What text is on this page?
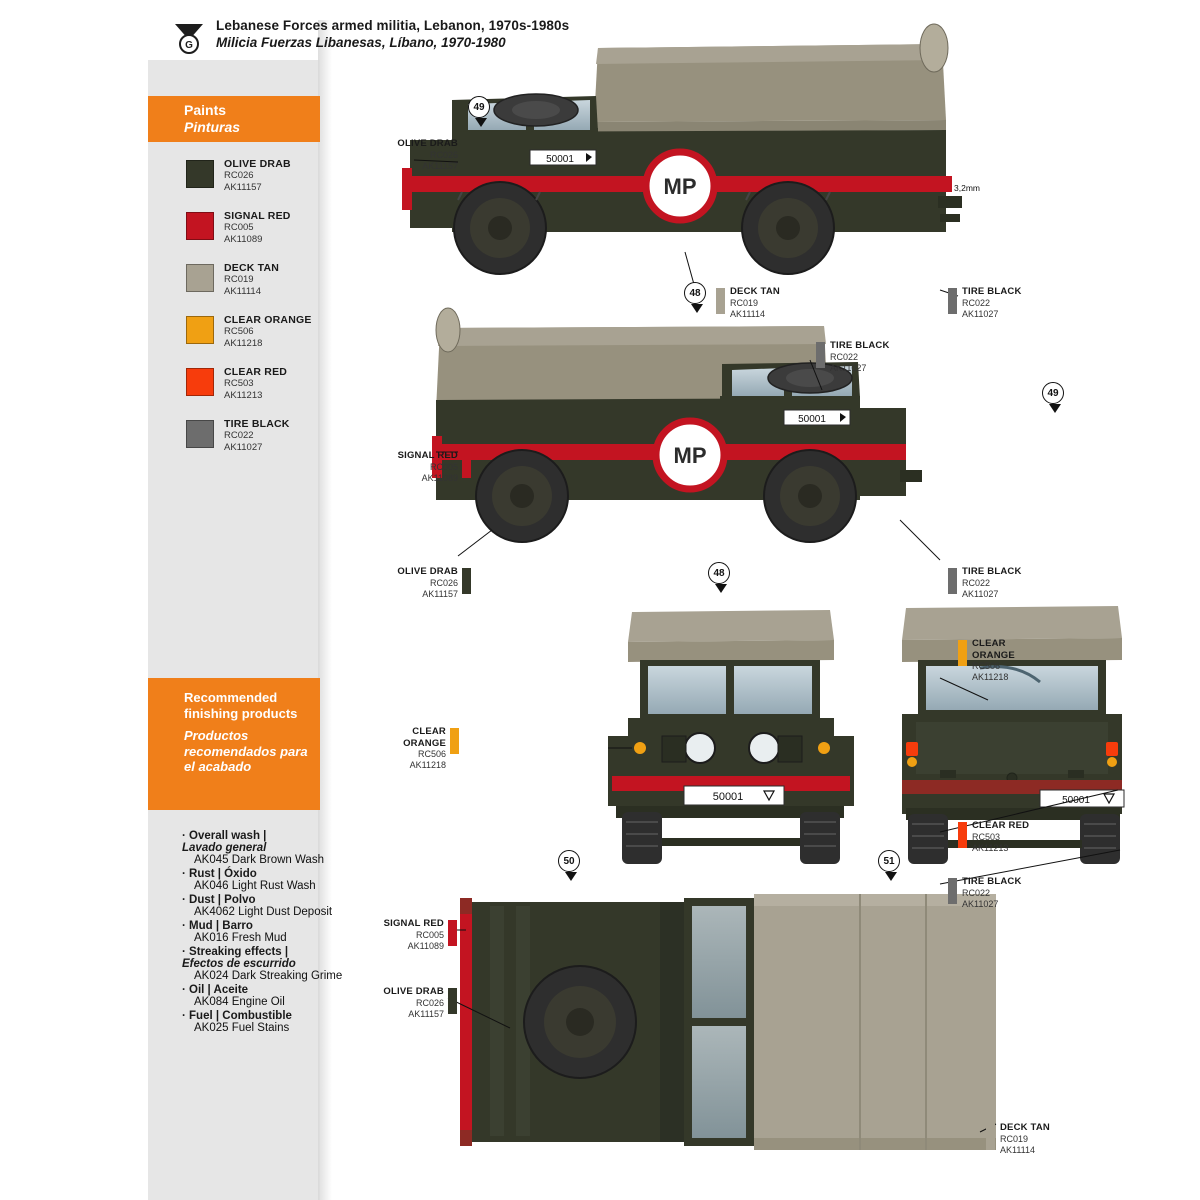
G
Lebanese Forces armed militia, Lebanon, 1970s-1980s
Milicia Fuerzas Libanesas, Líbano, 1970-1980
Paints
Pinturas
OLIVE DRAB
RC026
AK11157
SIGNAL RED
RC005
AK11089
DECK TAN
RC019
AK11114
CLEAR ORANGE
RC506
AK11218
CLEAR RED
RC503
AK11213
TIRE BLACK
RC022
AK11027
Recommended finishing products
Productos recomendados para el acabado
· Overall wash |
Lavado general
AK045 Dark Brown Wash
· Rust | Óxido
AK046 Light Rust Wash
· Dust | Polvo
AK4062 Light Dust Deposit
· Mud | Barro
AK016 Fresh Mud
· Streaking effects |
Efectos de escurrido
AK024 Dark Streaking Grime
· Oil | Aceite
AK084 Engine Oil
· Fuel | Combustible
AK025 Fuel Stains
MP
50001
MP
50001
50001	50001
OLIVE DRAB
RC026
AK11157
DECK TAN
RC019
AK11114
TIRE BLACK
RC022
AK11027
TIRE BLACK
RC022
AK11027
SIGNAL RED
RC005
AK11089
OLIVE DRAB
RC026
AK11157
TIRE BLACK
RC022
AK11027
CLEAR ORANGE
RC506
AK11218
CLEAR ORANGE
RC506
AK11218
CLEAR RED
RC503
AK11213
TIRE BLACK
RC022
AK11027
SIGNAL RED
RC005
AK11089
OLIVE DRAB
RC026
AK11157
DECK TAN
RC019
AK11114
3,2mm
49
48
49
48
50	51
